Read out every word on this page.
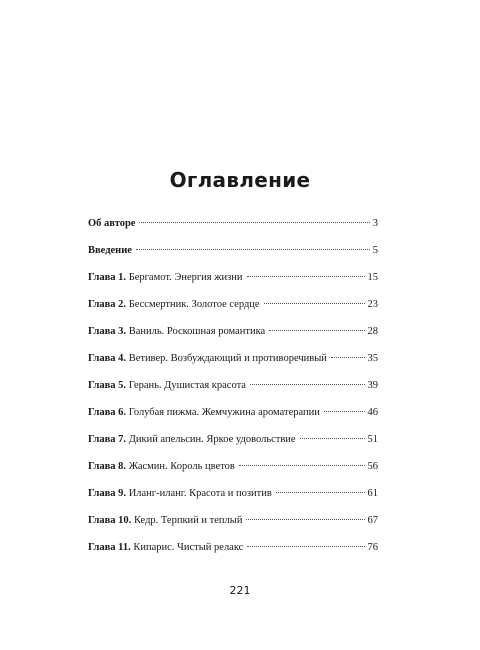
Оглавление
Об авторе	3
Введение	5
Глава 1. Бергамот. Энергия жизни	15
Глава 2. Бессмертник. Золотое сердце	23
Глава 3. Ваниль. Роскошная романтика	28
Глава 4. Ветивер. Возбуждающий и противоречивый	35
Глава 5. Герань. Душистая красота	39
Глава 6. Голубая пижма. Жемчужина ароматерапии	46
Глава 7. Дикий апельсин. Яркое удовольствие	51
Глава 8. Жасмин. Король цветов	56
Глава 9. Иланг-иланг. Красота и позитив	61
Глава 10. Кедр. Терпкий и теплый	67
Глава 11. Кипарис. Чистый релакс	76
221
